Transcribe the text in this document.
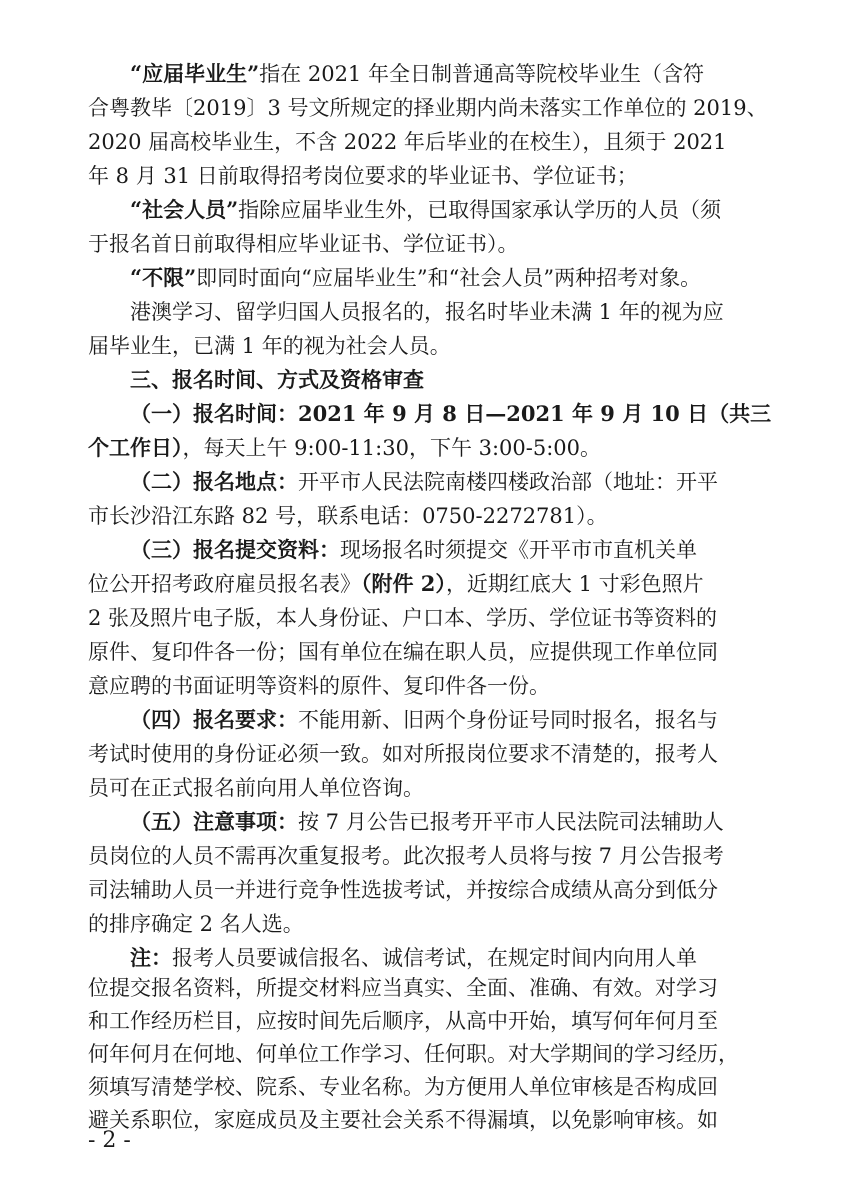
“应届毕业生”指在 2021 年全日制普通高等院校毕业生（含符
合粤教毕〔2019〕3 号文所规定的择业期内尚未落实工作单位的 2019、
2020 届高校毕业生，不含 2022 年后毕业的在校生），且须于 2021
年 8 月 31 日前取得招考岗位要求的毕业证书、学位证书；
“社会人员”指除应届毕业生外，已取得国家承认学历的人员（须
于报名首日前取得相应毕业证书、学位证书）。
“不限”即同时面向“应届毕业生”和“社会人员”两种招考对象。
港澳学习、留学归国人员报名的，报名时毕业未满 1 年的视为应
届毕业生，已满 1 年的视为社会人员。
三、报名时间、方式及资格审查
（一）报名时间：2021 年 9 月 8 日—2021 年 9 月 10 日（共三
个工作日），每天上午 9:00-11:30，下午 3:00-5:00。
（二）报名地点：开平市人民法院南楼四楼政治部（地址：开平
市长沙沿江东路 82 号，联系电话：0750-2272781）。
（三）报名提交资料：现场报名时须提交《开平市市直机关单
位公开招考政府雇员报名表》（附件 2），近期红底大 1 寸彩色照片
2 张及照片电子版，本人身份证、户口本、学历、学位证书等资料的
原件、复印件各一份；国有单位在编在职人员，应提供现工作单位同
意应聘的书面证明等资料的原件、复印件各一份。
（四）报名要求：不能用新、旧两个身份证号同时报名，报名与
考试时使用的身份证必须一致。如对所报岗位要求不清楚的，报考人
员可在正式报名前向用人单位咨询。
（五）注意事项：按 7 月公告已报考开平市人民法院司法辅助人
员岗位的人员不需再次重复报考。此次报考人员将与按 7 月公告报考
司法辅助人员一并进行竞争性选拔考试，并按综合成绩从高分到低分
的排序确定 2 名人选。
注：报考人员要诚信报名、诚信考试，在规定时间内向用人单
位提交报名资料，所提交材料应当真实、全面、准确、有效。对学习
和工作经历栏目，应按时间先后顺序，从高中开始，填写何年何月至
何年何月在何地、何单位工作学习、任何职。对大学期间的学习经历，
须填写清楚学校、院系、专业名称。为方便用人单位审核是否构成回
- 2 -
避关系职位，家庭成员及主要社会关系不得漏填，以免影响审核。如
